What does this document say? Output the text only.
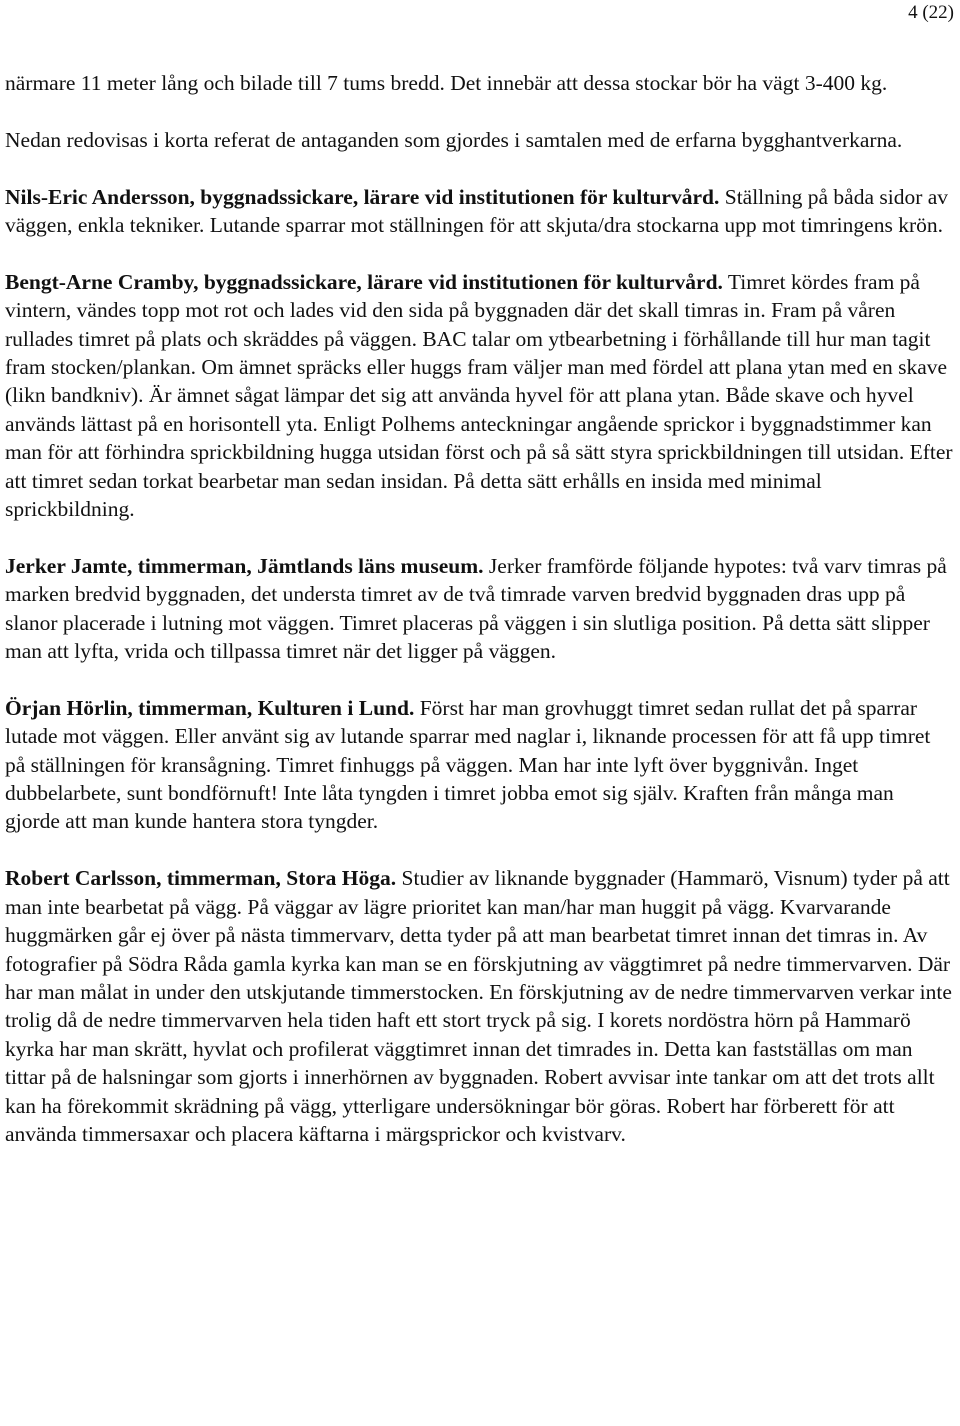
4 (22)

närmare 11 meter lång och bilade till 7 tums bredd. Det innebär att dessa stockar bör ha vägt 3-400 kg.

Nedan redovisas i korta referat de antaganden som gjordes i samtalen med de erfarna bygghantverkarna.

Nils-Eric Andersson, byggnadssickare, lärare vid institutionen för kulturvård. Ställning på båda sidor av väggen, enkla tekniker. Lutande sparrar mot ställningen för att skjuta/dra stockarna upp mot timringens krön.

Bengt-Arne Cramby, byggnadssickare, lärare vid institutionen för kulturvård. Timret kördes fram på vintern, vändes topp mot rot och lades vid den sida på byggnaden där det skall timras in. Fram på våren rullades timret på plats och skräddes på väggen. BAC talar om ytbearbetning i förhållande till hur man tagit fram stocken/plankan. Om ämnet spräcks eller huggs fram väljer man med fördel att plana ytan med en skave (likn bandkniv). Är ämnet sågat lämpar det sig att använda hyvel för att plana ytan. Både skave och hyvel används lättast på en horisontell yta. Enligt Polhems anteckningar angående sprickor i byggnadstimmer kan man för att förhindra sprickbildning hugga utsidan först och på så sätt styra sprickbildningen till utsidan. Efter att timret sedan torkat bearbetar man sedan insidan. På detta sätt erhålls en insida med minimal sprickbildning.

Jerker Jamte, timmerman, Jämtlands läns museum. Jerker framförde följande hypotes: två varv timras på marken bredvid byggnaden, det understa timret av de två timrade varven bredvid byggnaden dras upp på slanor placerade i lutning mot väggen. Timret placeras på väggen i sin slutliga position. På detta sätt slipper man att lyfta, vrida och tillpassa timret när det ligger på väggen.

Örjan Hörlin, timmerman, Kulturen i Lund. Först har man grovhuggt timret sedan rullat det på sparrar lutade mot väggen. Eller använt sig av lutande sparrar med naglar i, liknande processen för att få upp timret på ställningen för kransågning. Timret finhuggs på väggen. Man har inte lyft över byggnivån. Inget dubbelarbete, sunt bondförnuft! Inte låta tyngden i timret jobba emot sig själv. Kraften från många man gjorde att man kunde hantera stora tyngder.

Robert Carlsson, timmerman, Stora Höga. Studier av liknande byggnader (Hammarö, Visnum) tyder på att man inte bearbetat på vägg. På väggar av lägre prioritet kan man/har man huggit på vägg. Kvarvarande huggmärken går ej över på nästa timmervarv, detta tyder på att man bearbetat timret innan det timras in. Av fotografier på Södra Råda gamla kyrka kan man se en förskjutning av väggtimret på nedre timmervarven. Där har man målat in under den utskjutande timmerstocken. En förskjutning av de nedre timmervarven verkar inte trolig då de nedre timmervarven hela tiden haft ett stort tryck på sig. I korets nordöstra hörn på Hammarö kyrka har man skrätt, hyvlat och profilerat väggtimret innan det timrades in. Detta kan fastställas om man tittar på de halsningar som gjorts i innerhörnen av byggnaden. Robert avvisar inte tankar om att det trots allt kan ha förekommit skrädning på vägg, ytterligare undersökningar bör göras. Robert har förberett för att använda timmersaxar och placera käftarna i märgsprickor och kvistvarv.
